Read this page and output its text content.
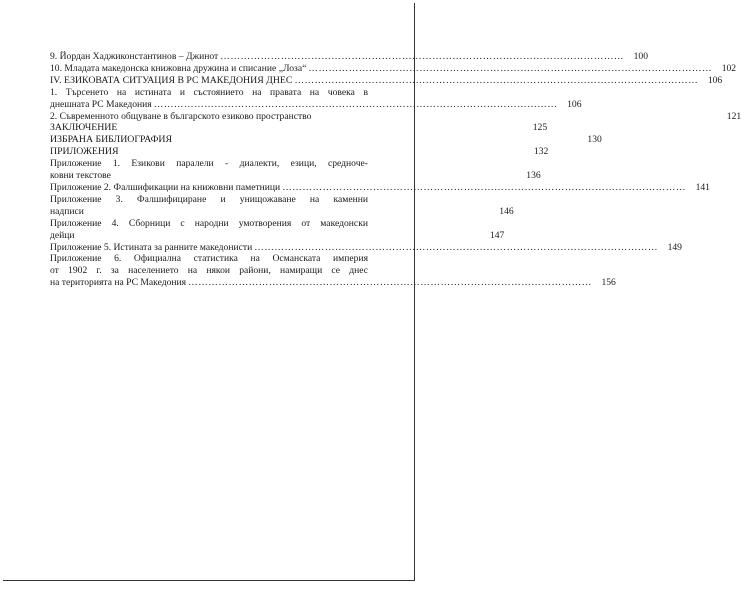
9. Йордан Хаджиконстантинов – Джинот …………………………………………………………………………………………………………	100
10. Младата македонска книжовна дружина и списание „Лоза“ …………………………………………………………………………………………………………	102
IV. ЕЗИКОВАТА СИТУАЦИЯ В РС МАКЕДОНИЯ ДНЕС …………………………………………………………………………………………………………	106
1. Търсенето на истината и състоянието на правата на човека в
днешната РС Македония …………………………………………………………………………………………………………	106
2. Съвременното общуване в българското езиково пространство	121
ЗАКЛЮЧЕНИЕ	125
ИЗБРАНА БИБЛИОГРАФИЯ	130
ПРИЛОЖЕНИЯ	132
Приложение 1. Езикови паралели - диалекти, езици, средноче-
ковни текстове	136
Приложение 2. Фалшификации на книжовни паметници …………………………………………………………………………………………………………	141
Приложение 3. Фалшифициране и унищожаване на каменни
надписи	146
Приложение 4. Сборници с народни умотворения от македонски
дейци	147
Приложение 5. Истината за ранните македонисти …………………………………………………………………………………………………………	149
Приложение 6. Официална статистика на Османската империя
от 1902 г. за населението на някои райони, намиращи се днес
на територията на РС Македония …………………………………………………………………………………………………………	156
